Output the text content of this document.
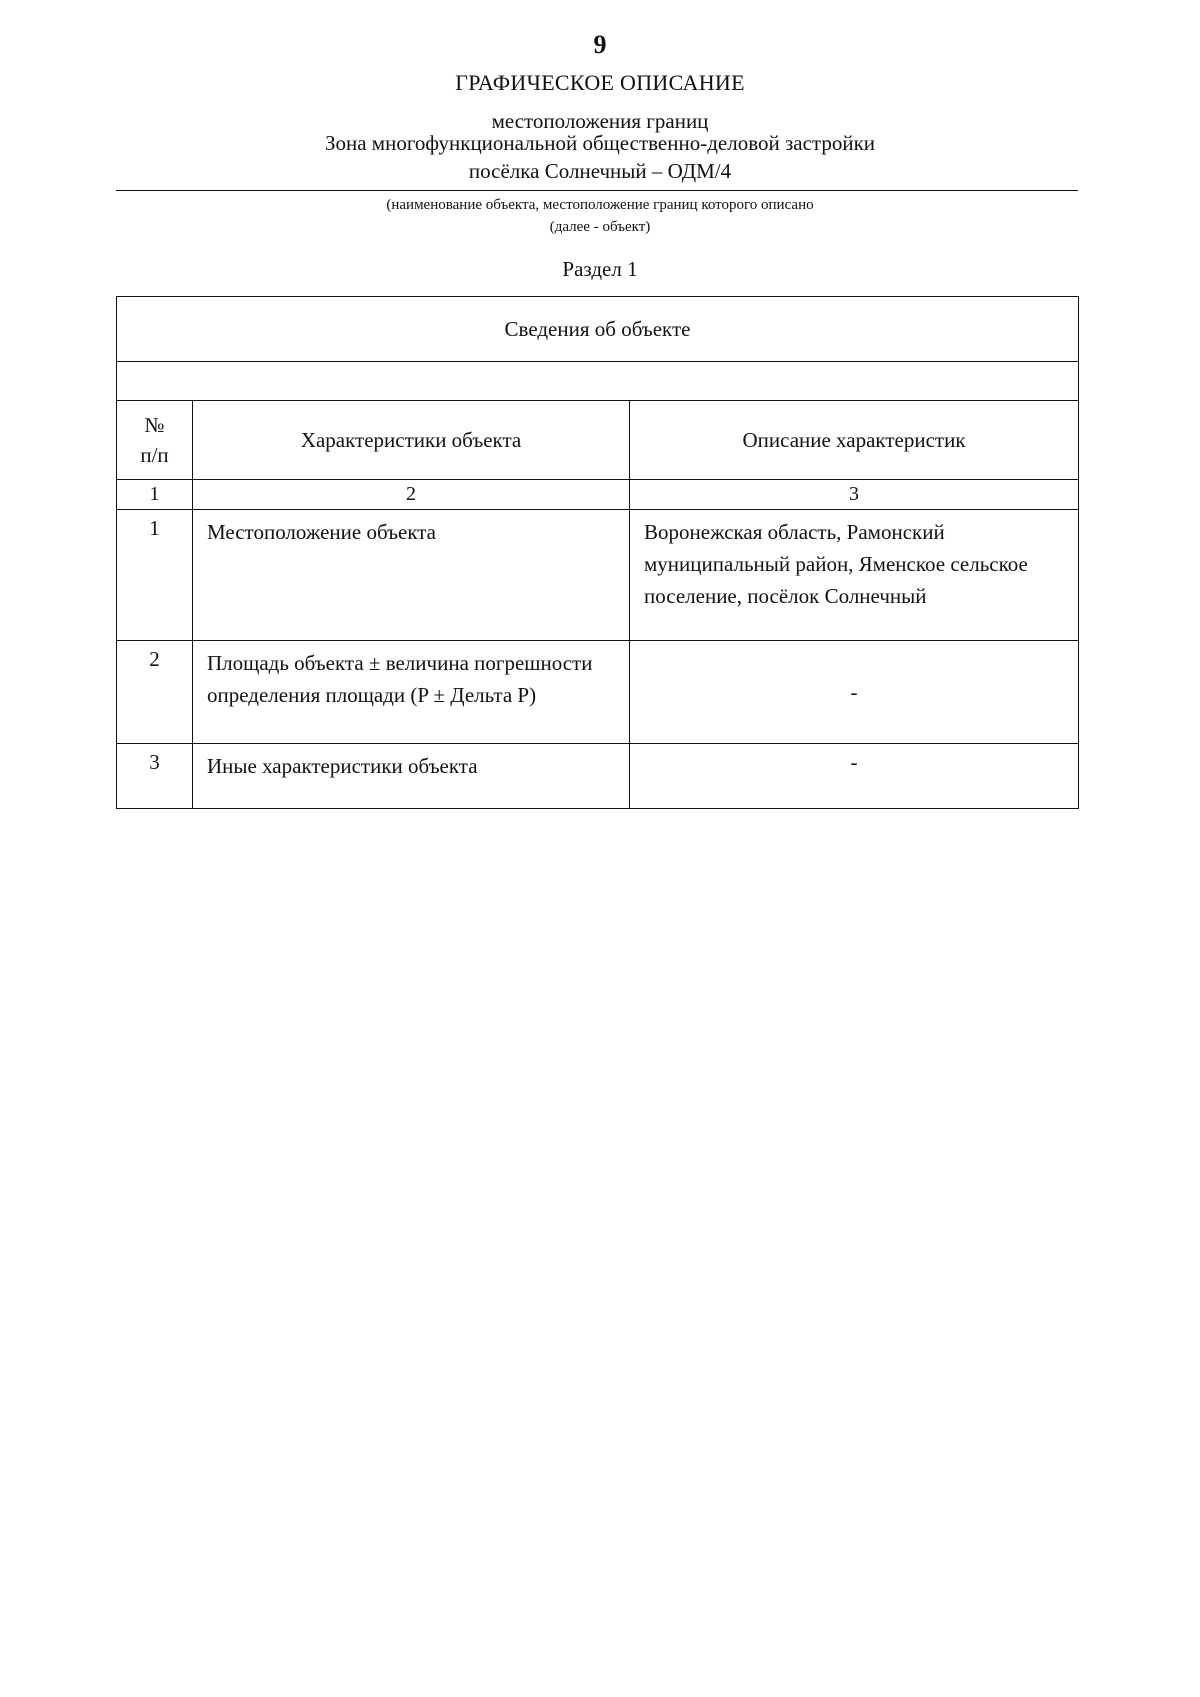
9
ГРАФИЧЕСКОЕ ОПИСАНИЕ
местоположения границ
Зона многофункциональной общественно-деловой застройки
посёлка Солнечный – ОДМ/4
(наименование объекта, местоположение границ которого описано
(далее - объект)
Раздел 1
Сведения об объекте		

№
п/п	Характеристики объекта	Описание характеристик
1	2	3
1	Местоположение объекта	Воронежская область, Рамонский муниципальный район, Яменское сельское поселение, посёлок Солнечный
2	Площадь объекта ± величина погрешности определения площади (P ± Дельта P)	-
3	Иные характеристики объекта	-
